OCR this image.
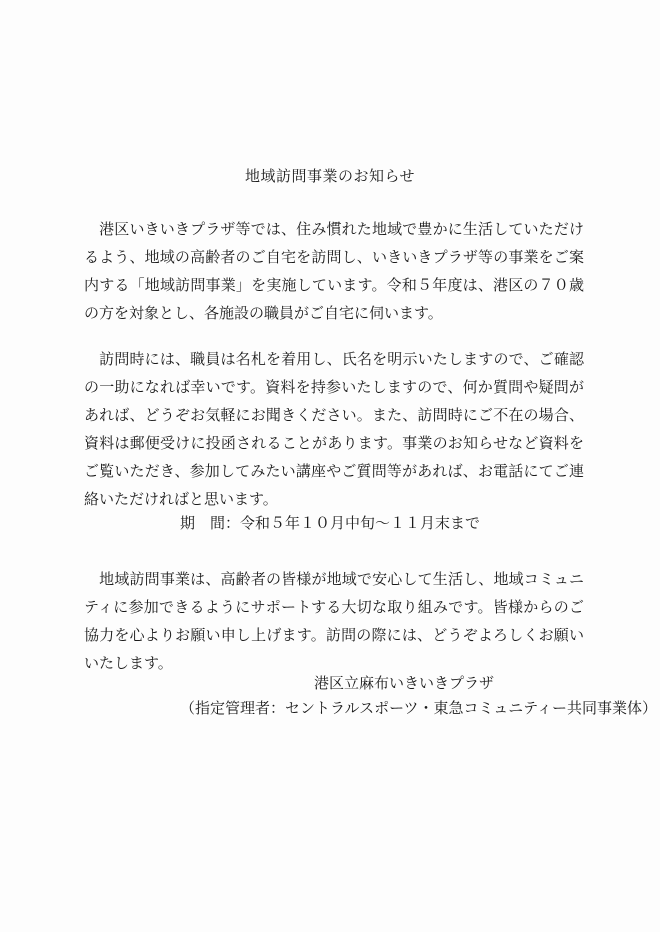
地域訪問事業のお知らせ

港区いきいきプラザ等では、住み慣れた地域で豊かに生活していただけるよう、地域の高齢者のご自宅を訪問し、いきいきプラザ等の事業をご案内する「地域訪問事業」を実施しています。令和５年度は、港区の７０歳の方を対象とし、各施設の職員がご自宅に伺います。

訪問時には、職員は名札を着用し、氏名を明示いたしますので、ご確認の一助になれば幸いです。資料を持参いたしますので、何か質問や疑問があれば、どうぞお気軽にお聞きください。また、訪問時にご不在の場合、資料は郵便受けに投函されることがあります。事業のお知らせなど資料をご覧いただき、参加してみたい講座やご質問等があれば、お電話にてご連絡いただければと思います。

期　間：令和５年１０月中旬～１１月末まで

地域訪問事業は、高齢者の皆様が地域で安心して生活し、地域コミュニティに参加できるようにサポートする大切な取り組みです。皆様からのご協力を心よりお願い申し上げます。訪問の際には、どうぞよろしくお願いいたします。

港区立麻布いきいきプラザ
（指定管理者：セントラルスポーツ・東急コミュニティー共同事業体）
